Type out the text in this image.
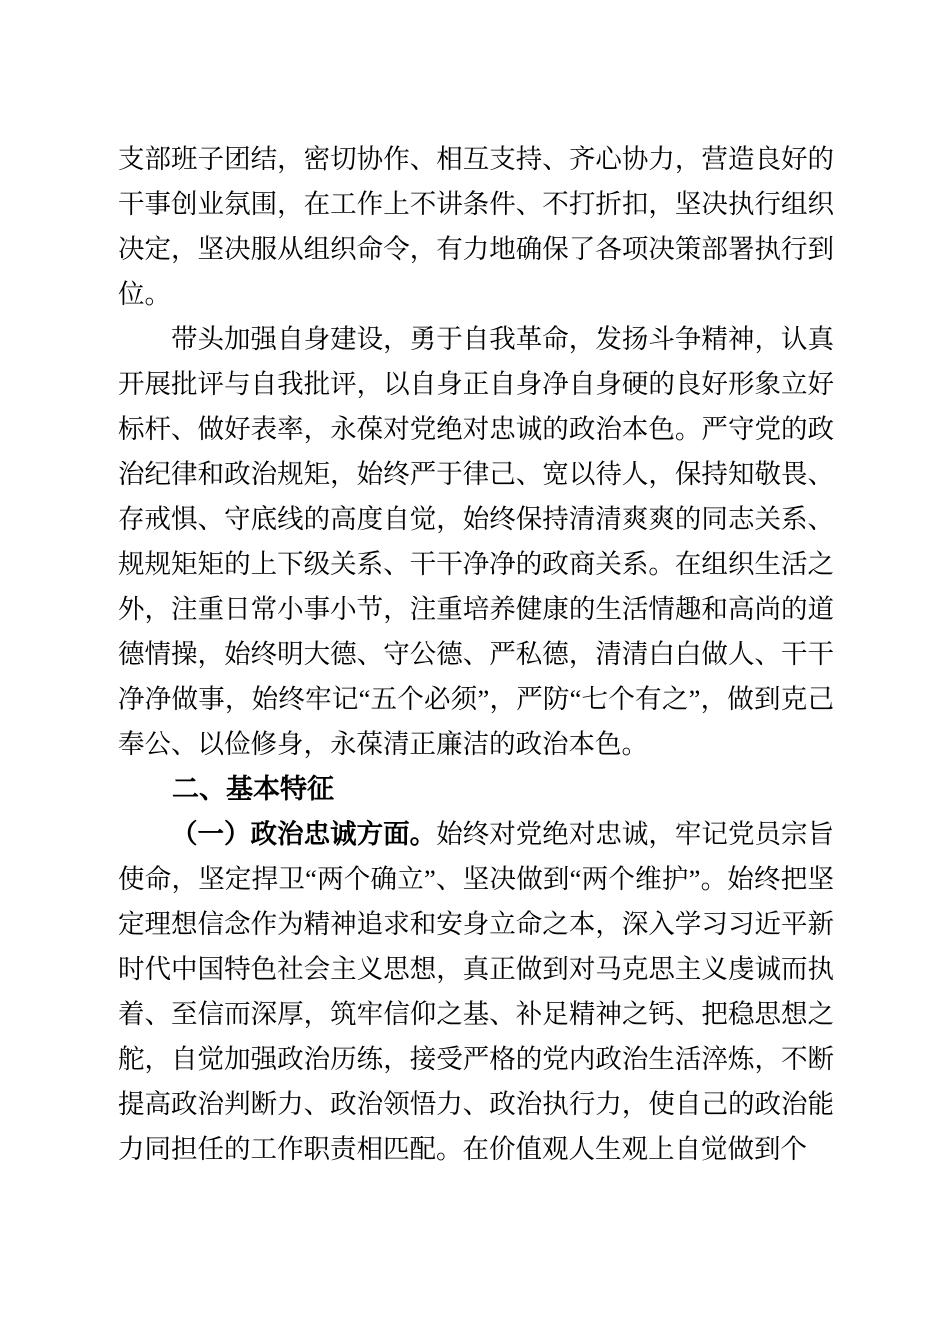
支部班子团结，密切协作、相互支持、齐心协力，营造良好的干事创业氛围，在工作上不讲条件、不打折扣，坚决执行组织决定，坚决服从组织命令，有力地确保了各项决策部署执行到位。

带头加强自身建设，勇于自我革命，发扬斗争精神，认真开展批评与自我批评，以自身正自身净自身硬的良好形象立好标杆、做好表率，永葆对党绝对忠诚的政治本色。严守党的政治纪律和政治规矩，始终严于律己、宽以待人，保持知敬畏、存戒惧、守底线的高度自觉，始终保持清清爽爽的同志关系、规规矩矩的上下级关系、干干净净的政商关系。在组织生活之外，注重日常小事小节，注重培养健康的生活情趣和高尚的道德情操，始终明大德、守公德、严私德，清清白白做人、干干净净做事，始终牢记“五个必须”，严防“七个有之”，做到克己奉公、以俭修身，永葆清正廉洁的政治本色。

二、基本特征

（一）政治忠诚方面。始终对党绝对忠诚，牢记党员宗旨使命，坚定捍卫“两个确立”、坚决做到“两个维护”。始终把坚定理想信念作为精神追求和安身立命之本，深入学习习近平新时代中国特色社会主义思想，真正做到对马克思主义虔诚而执着、至信而深厚，筑牢信仰之基、补足精神之钙、把稳思想之舵，自觉加强政治历练，接受严格的党内政治生活淬炼，不断提高政治判断力、政治领悟力、政治执行力，使自己的政治能力同担任的工作职责相匹配。在价值观人生观上自觉做到个
